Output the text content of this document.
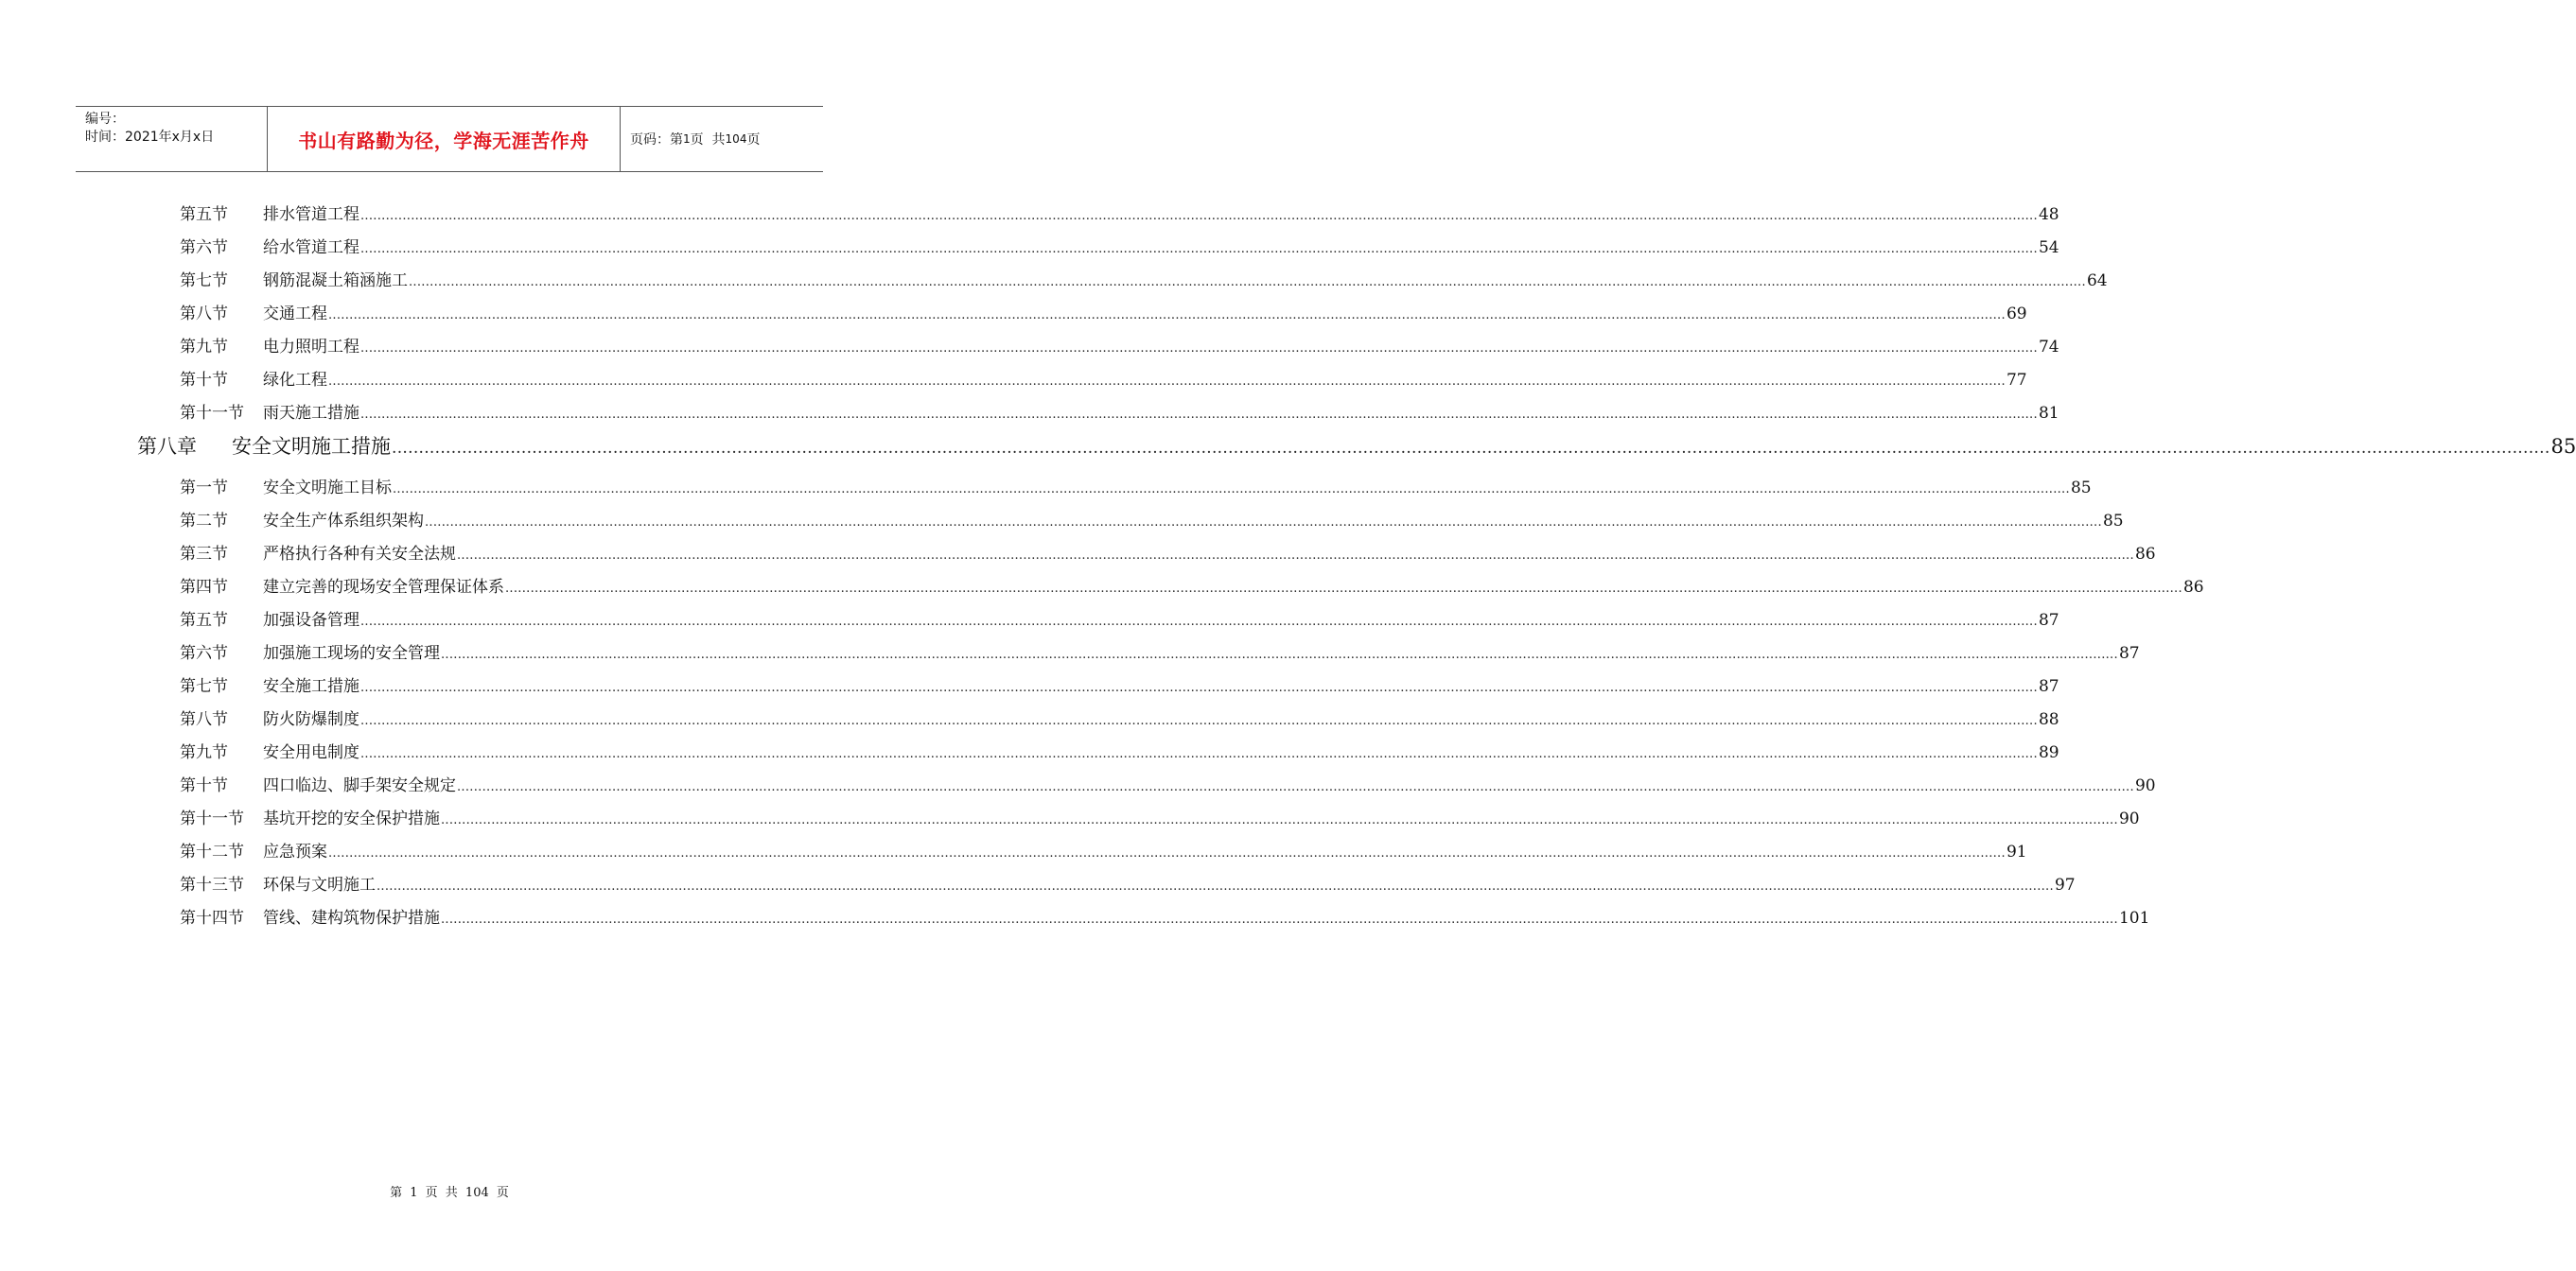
编号：
时间：2021年x月x日	书山有路勤为径，学海无涯苦作舟	页码：第 1 页  共 104 页
第五节	排水管道工程 ................................................................................................................................................................................................................................................................................................................................................................................................................ 48
第六节	给水管道工程 ................................................................................................................................................................................................................................................................................................................................................................................................................ 54
第七节	钢筋混凝土箱涵施工 ................................................................................................................................................................................................................................................................................................................................................................................................................ 64
第八节	交通工程 ................................................................................................................................................................................................................................................................................................................................................................................................................ 69
第九节	电力照明工程 ................................................................................................................................................................................................................................................................................................................................................................................................................ 74
第十节	绿化工程 ................................................................................................................................................................................................................................................................................................................................................................................................................ 77
第十一节	雨天施工措施 ................................................................................................................................................................................................................................................................................................................................................................................................................ 81
第八章	安全文明施工措施 ................................................................................................................................................................................................................................................................................................................................................................................................................ 85
第一节	安全文明施工目标 ................................................................................................................................................................................................................................................................................................................................................................................................................ 85
第二节	安全生产体系组织架构 ................................................................................................................................................................................................................................................................................................................................................................................................................ 85
第三节	严格执行各种有关安全法规 ................................................................................................................................................................................................................................................................................................................................................................................................................ 86
第四节	建立完善的现场安全管理保证体系 ................................................................................................................................................................................................................................................................................................................................................................................................................ 86
第五节	加强设备管理 ................................................................................................................................................................................................................................................................................................................................................................................................................ 87
第六节	加强施工现场的安全管理 ................................................................................................................................................................................................................................................................................................................................................................................................................ 87
第七节	安全施工措施 ................................................................................................................................................................................................................................................................................................................................................................................................................ 87
第八节	防火防爆制度 ................................................................................................................................................................................................................................................................................................................................................................................................................ 88
第九节	安全用电制度 ................................................................................................................................................................................................................................................................................................................................................................................................................ 89
第十节	四口临边、脚手架安全规定 ................................................................................................................................................................................................................................................................................................................................................................................................................ 90
第十一节	基坑开挖的安全保护措施 ................................................................................................................................................................................................................................................................................................................................................................................................................ 90
第十二节	应急预案 ................................................................................................................................................................................................................................................................................................................................................................................................................ 91
第十三节	环保与文明施工 ................................................................................................................................................................................................................................................................................................................................................................................................................ 97
第十四节	管线、建构筑物保护措施 ................................................................................................................................................................................................................................................................................................................................................................................................................ 101
第 1 页 共 104 页
